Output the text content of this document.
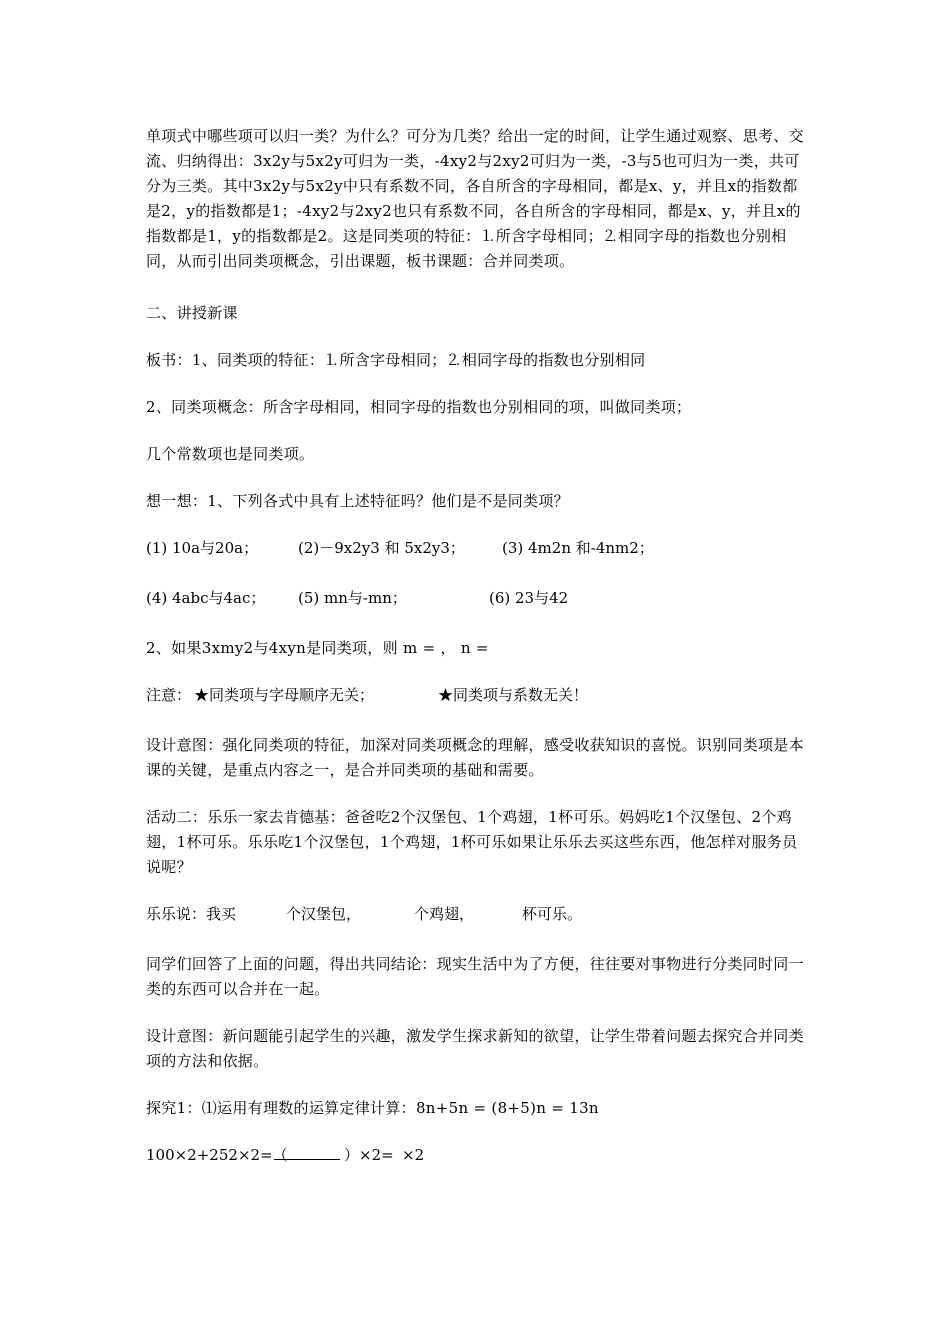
单项式中哪些项可以归一类？为什么？可分为几类？给出一定的时间，让学生通过观察、思考、交流、归纳得出：3x2y与5x2y可归为一类，-4xy2与2xy2可归为一类，-3与5也可归为一类，共可分为三类。其中3x2y与5x2y中只有系数不同，各自所含的字母相同，都是x、y，并且x的指数都是2，y的指数都是1；-4xy2与2xy2也只有系数不同，各自所含的字母相同，都是x、y，并且x的指数都是1，y的指数都是2。这是同类项的特征：⒈所含字母相同；⒉相同字母的指数也分别相同，从而引出同类项概念，引出课题，板书课题：合并同类项。

二、讲授新课

板书：1、同类项的特征：⒈所含字母相同；⒉相同字母的指数也分别相同

2、同类项概念：所含字母相同，相同字母的指数也分别相同的项，叫做同类项；

几个常数项也是同类项。

想一想：1、下列各式中具有上述特征吗？他们是不是同类项？

(1) 10a与20a；	(2)－9x2y3 和 5x2y3； (3) 4m2n 和-4nm2；
(4) 4abc与4ac； (5) mn与-mn；	(6) 23与42

2、如果3xmy2与4xyn是同类项，则 m = ， n =

注意： ★同类项与字母顺序无关；	★同类项与系数无关！

设计意图：强化同类项的特征，加深对同类项概念的理解，感受收获知识的喜悦。识别同类项是本课的关键，是重点内容之一，是合并同类项的基础和需要。

活动二：乐乐一家去肯德基：爸爸吃2个汉堡包、1个鸡翅，1杯可乐。妈妈吃1个汉堡包、2个鸡翅，1杯可乐。乐乐吃1个汉堡包，1个鸡翅，1杯可乐如果让乐乐去买这些东西，他怎样对服务员说呢？

乐乐说：我买	个汉堡包，	个鸡翅，	杯可乐。

同学们回答了上面的问题，得出共同结论：现实生活中为了方便，往往要对事物进行分类同时同一类的东西可以合并在一起。

设计意图：新问题能引起学生的兴趣，激发学生探求新知的欲望，让学生带着问题去探究合并同类项的方法和依据。

探究1：⑴运用有理数的运算定律计算：8n+5n = (8+5)n = 13n

100×2+252×2=（	）×2= ×2
